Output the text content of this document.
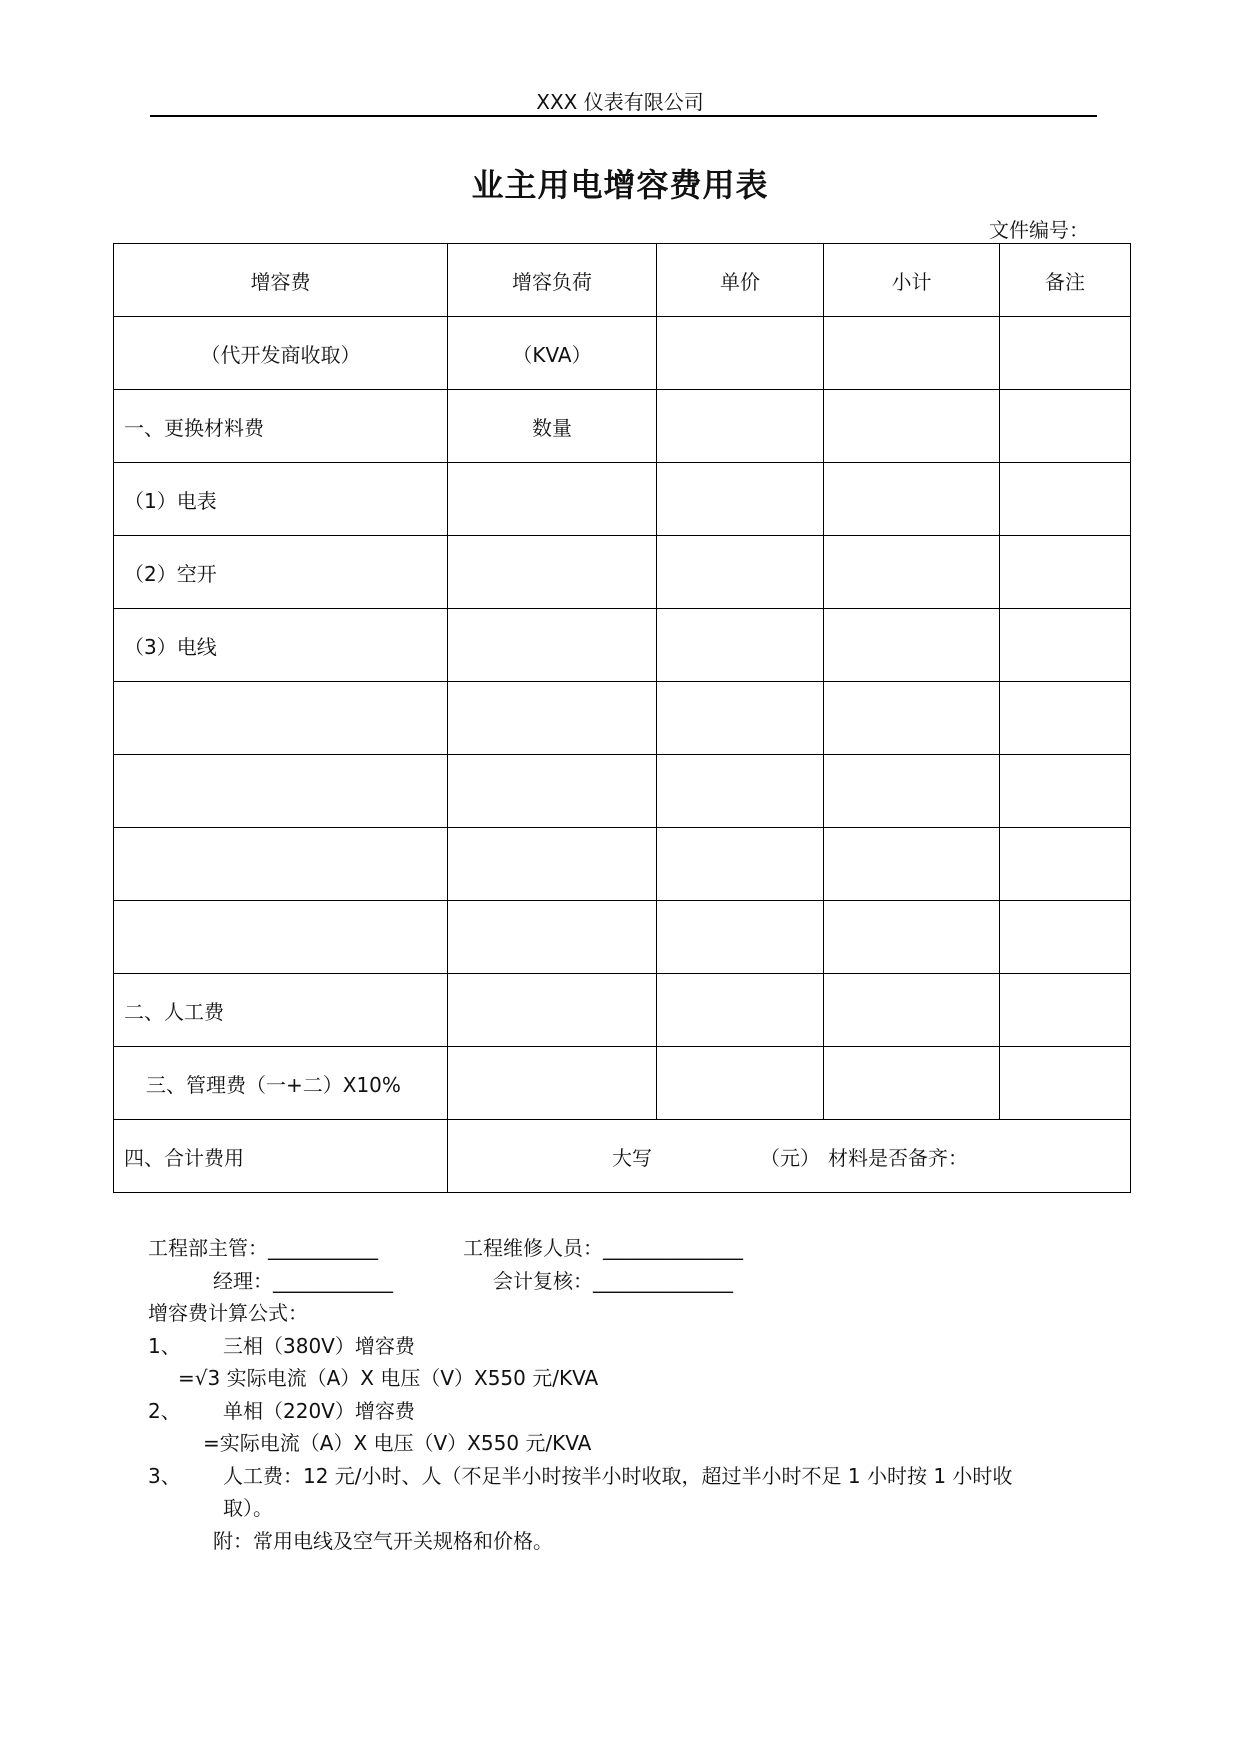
XXX 仪表有限公司
业主用电增容费用表
文件编号：
增容费	增容负荷	单价	小计	备注
（代开发商收取）	（KVA）			
一、更换材料费	数量			
（1）电表				
（2）空开				
（3）电线				

二、人工费				
三、管理费（一+二）X10%				
四、合计费用	大写 （元） 材料是否备齐：			
工程部主管：___________	工程维修人员：______________
经理：____________	会计复核：______________
增容费计算公式：
1、 三相（380V）增容费
=√3 实际电流（A）X 电压（V）X550 元/KVA
2、 单相（220V）增容费
=实际电流（A）X 电压（V）X550 元/KVA
3、 人工费：12 元/小时、人（不足半小时按半小时收取，超过半小时不足 1 小时按 1 小时收
取）。
附：常用电线及空气开关规格和价格。
